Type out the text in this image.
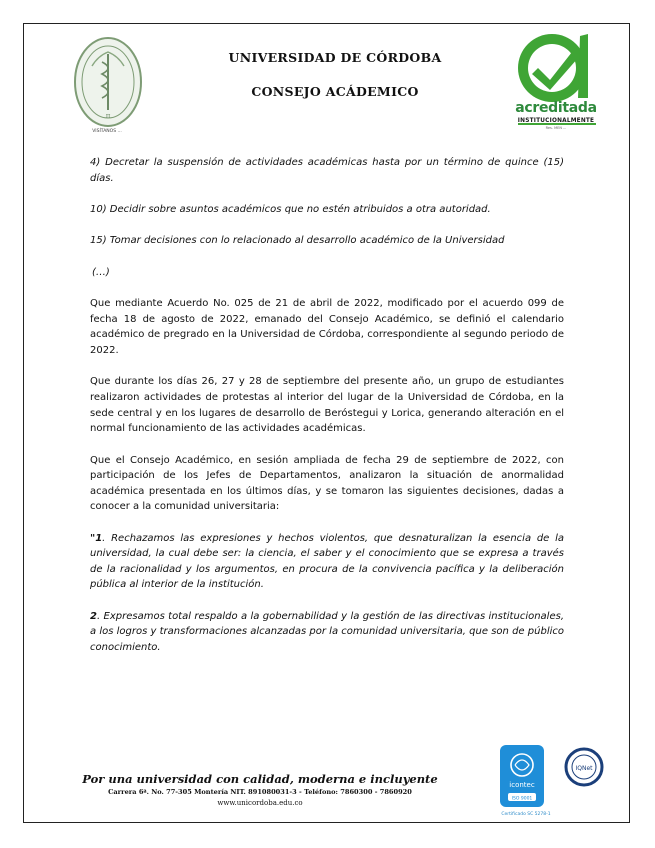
π
VISÍTANOS ...
UNIVERSIDAD DE CÓRDOBA
CONSEJO ACÁDEMICO
acreditada
INSTITUCIONALMENTE
Res. MEN ...

4) Decretar la suspensión de actividades académicas hasta por un término de quince (15) días.

10) Decidir sobre asuntos académicos que no estén atribuidos a otra autoridad.

15) Tomar decisiones con lo relacionado al desarrollo académico de la Universidad

(…)

Que mediante Acuerdo No. 025 de 21 de abril de 2022, modificado por el acuerdo 099 de fecha 18 de agosto de 2022, emanado del Consejo Académico, se definió el calendario académico de pregrado en la Universidad de Córdoba, correspondiente al segundo periodo de 2022.

Que durante los días 26, 27 y 28 de septiembre del presente año, un grupo de estudiantes realizaron actividades de protestas al interior del lugar de la Universidad de Córdoba, en la sede central y en los lugares de desarrollo de Beróstegui y Lorica, generando alteración en el normal funcionamiento de las actividades académicas.

Que el Consejo Académico, en sesión ampliada de fecha 29 de septiembre de 2022, con participación de los Jefes de Departamentos, analizaron la situación de anormalidad académica presentada en los últimos días, y se tomaron las siguientes decisiones, dadas a conocer a la comunidad universitaria:

"1. Rechazamos las expresiones y hechos violentos, que desnaturalizan la esencia de la universidad, la cual debe ser: la ciencia, el saber y el conocimiento que se expresa a través de la racionalidad y los argumentos, en procura de la convivencia pacífica y la deliberación pública al interior de la institución.

2. Expresamos total respaldo a la gobernabilidad y la gestión de las directivas institucionales, a los logros y transformaciones alcanzadas por la comunidad universitaria, que son de público conocimiento.

Por una universidad con calidad, moderna e incluyente
Carrera 6ª. No. 77-305 Montería NIT. 891080031-3 - Teléfono: 7860300 - 7860920
www.unicordoba.edu.co
icontec
ISO 9001
IQNet
Certificado SC 5278-1
